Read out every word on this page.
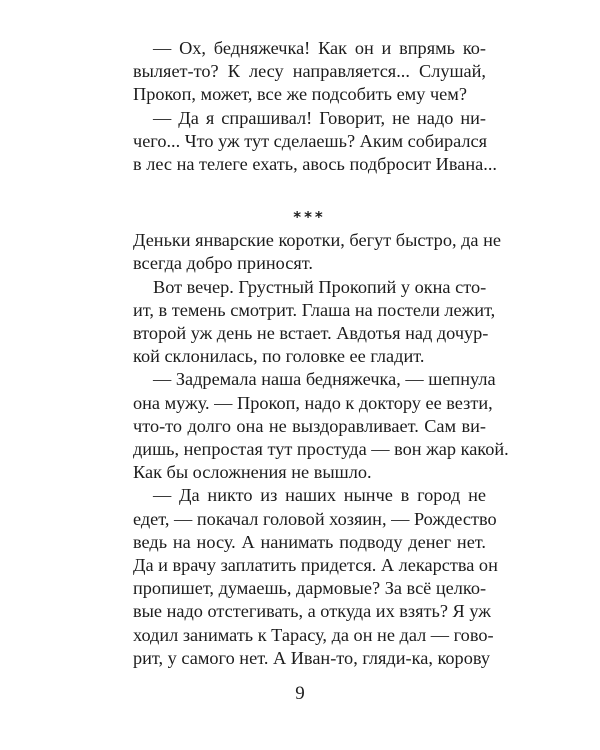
— Ох, бедняжечка! Как он и впрямь ко-
выляет-то? К лесу направляется... Слушай,
Прокоп, может, все же подсобить ему чем?
— Да я спрашивал! Говорит, не надо ни-
чего... Что уж тут сделаешь? Аким собирался
в лес на телеге ехать, авось подбросит Ивана...
***
Деньки январские коротки, бегут быстро, да не
всегда добро приносят.
Вот вечер. Грустный Прокопий у окна сто-
ит, в темень смотрит. Глаша на постели лежит,
второй уж день не встает. Авдотья над дочур-
кой склонилась, по головке ее гладит.
— Задремала наша бедняжечка, — шепнула
она мужу. — Прокоп, надо к доктору ее везти,
что-то долго она не выздоравливает. Сам ви-
дишь, непростая тут простуда — вон жар какой.
Как бы осложнения не вышло.
— Да никто из наших нынче в город не
едет, — покачал головой хозяин, — Рождество
ведь на носу. А нанимать подводу денег нет.
Да и врачу заплатить придется. А лекарства он
пропишет, думаешь, дармовые? За всё целко-
вые надо отстегивать, а откуда их взять? Я уж
ходил занимать к Тарасу, да он не дал — гово-
рит, у самого нет. А Иван-то, гляди-ка, корову
9
